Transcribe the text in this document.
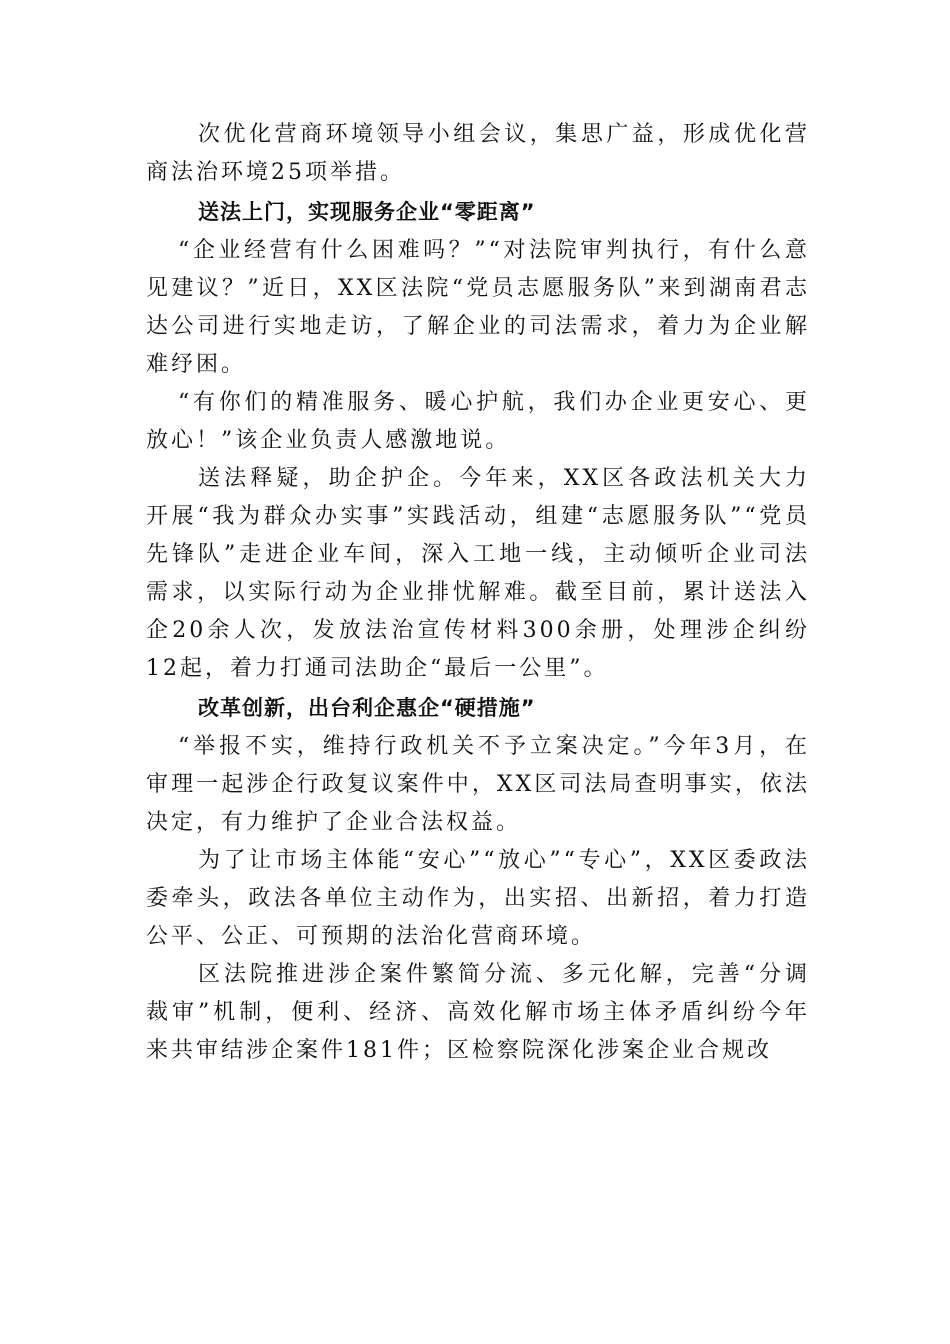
次优化营商环境领导小组会议，集思广益，形成优化营商法治环境25项举措。

送法上门，实现服务企业“零距离”

“企业经营有什么困难吗？”“对法院审判执行，有什么意见建议？”近日，XX区法院“党员志愿服务队”来到湖南君志达公司进行实地走访，了解企业的司法需求，着力为企业解难纾困。

“有你们的精准服务、暖心护航，我们办企业更安心、更放心！”该企业负责人感激地说。

送法释疑，助企护企。今年来，XX区各政法机关大力开展“我为群众办实事”实践活动，组建“志愿服务队”“党员先锋队”走进企业车间，深入工地一线，主动倾听企业司法需求，以实际行动为企业排忧解难。截至目前，累计送法入企20余人次，发放法治宣传材料300余册，处理涉企纠纷12起，着力打通司法助企“最后一公里”。

改革创新，出台利企惠企“硬措施”

“举报不实，维持行政机关不予立案决定。”今年3月，在审理一起涉企行政复议案件中，XX区司法局查明事实，依法决定，有力维护了企业合法权益。

为了让市场主体能“安心”“放心”“专心”，XX区委政法委牵头，政法各单位主动作为，出实招、出新招，着力打造公平、公正、可预期的法治化营商环境。

区法院推进涉企案件繁简分流、多元化解，完善“分调裁审”机制，便利、经济、高效化解市场主体矛盾纠纷今年来共审结涉企案件181件；区检察院深化涉案企业合规改
